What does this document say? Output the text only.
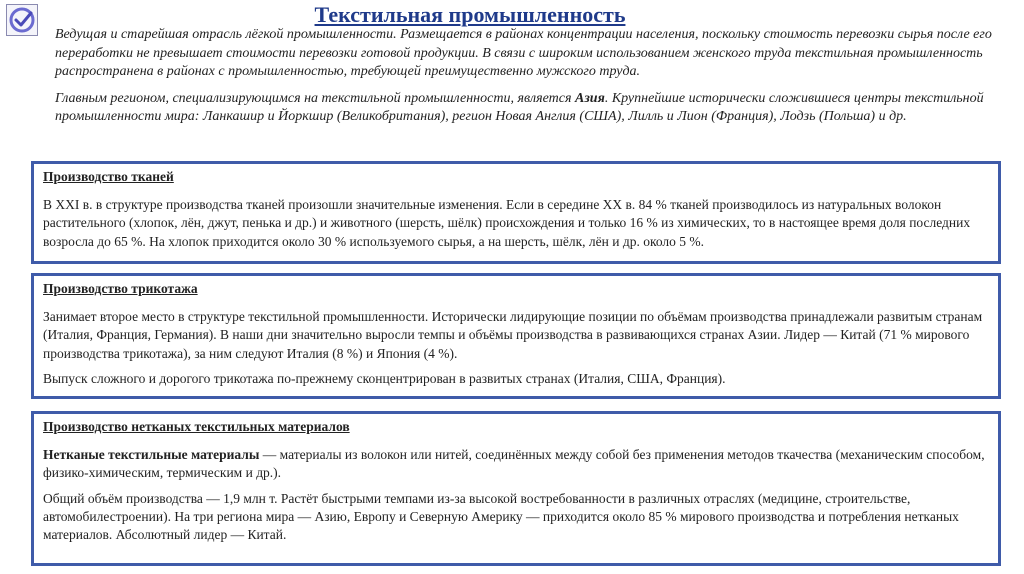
Текстильная промышленность

Ведущая и старейшая отрасль лёгкой промышленности. Размещается в районах концентрации населения, поскольку стоимость перевозки сырья после его переработки не превышает стоимости перевозки готовой продукции. В связи с широким использованием женского труда текстильная промышленность распространена в районах с промышленностью, требующей преимущественно мужского труда.

Главным регионом, специализирующимся на текстильной промышленности, является Азия. Крупнейшие исторически сложившиеся центры текстильной промышленности мира: Ланкашир и Йоркшир (Великобритания), регион Новая Англия (США), Лилль и Лион (Франция), Лодзь (Польша) и др.

Производство тканей

В XXI в. в структуре производства тканей произошли значительные изменения. Если в середине XX в. 84 % тканей производилось из натуральных волокон растительного (хлопок, лён, джут, пенька и др.) и животного (шерсть, шёлк) происхождения и только 16 % из химических, то в настоящее время доля последних возросла до 65 %. На хлопок приходится около 30 % используемого сырья, а на шерсть, шёлк, лён и др. около 5 %.

Производство трикотажа

Занимает второе место в структуре текстильной промышленности. Исторически лидирующие позиции по объёмам производства принадлежали развитым странам (Италия, Франция, Германия). В наши дни значительно выросли темпы и объёмы производства в развивающихся странах Азии. Лидер — Китай (71 % мирового производства трикотажа), за ним следуют Италия (8 %) и Япония (4 %).

Выпуск сложного и дорогого трикотажа по-прежнему сконцентрирован в развитых странах (Италия, США, Франция).

Производство нетканых текстильных материалов

Нетканые текстильные материалы — материалы из волокон или нитей, соединённых между собой без применения методов ткачества (механическим способом, физико-химическим, термическим и др.).

Общий объём производства — 1,9 млн т. Растёт быстрыми темпами из-за высокой востребованности в различных отраслях (медицине, строительстве, автомобилестроении). На три региона мира — Азию, Европу и Северную Америку — приходится около 85 % мирового производства и потребления нетканых материалов. Абсолютный лидер — Китай.
